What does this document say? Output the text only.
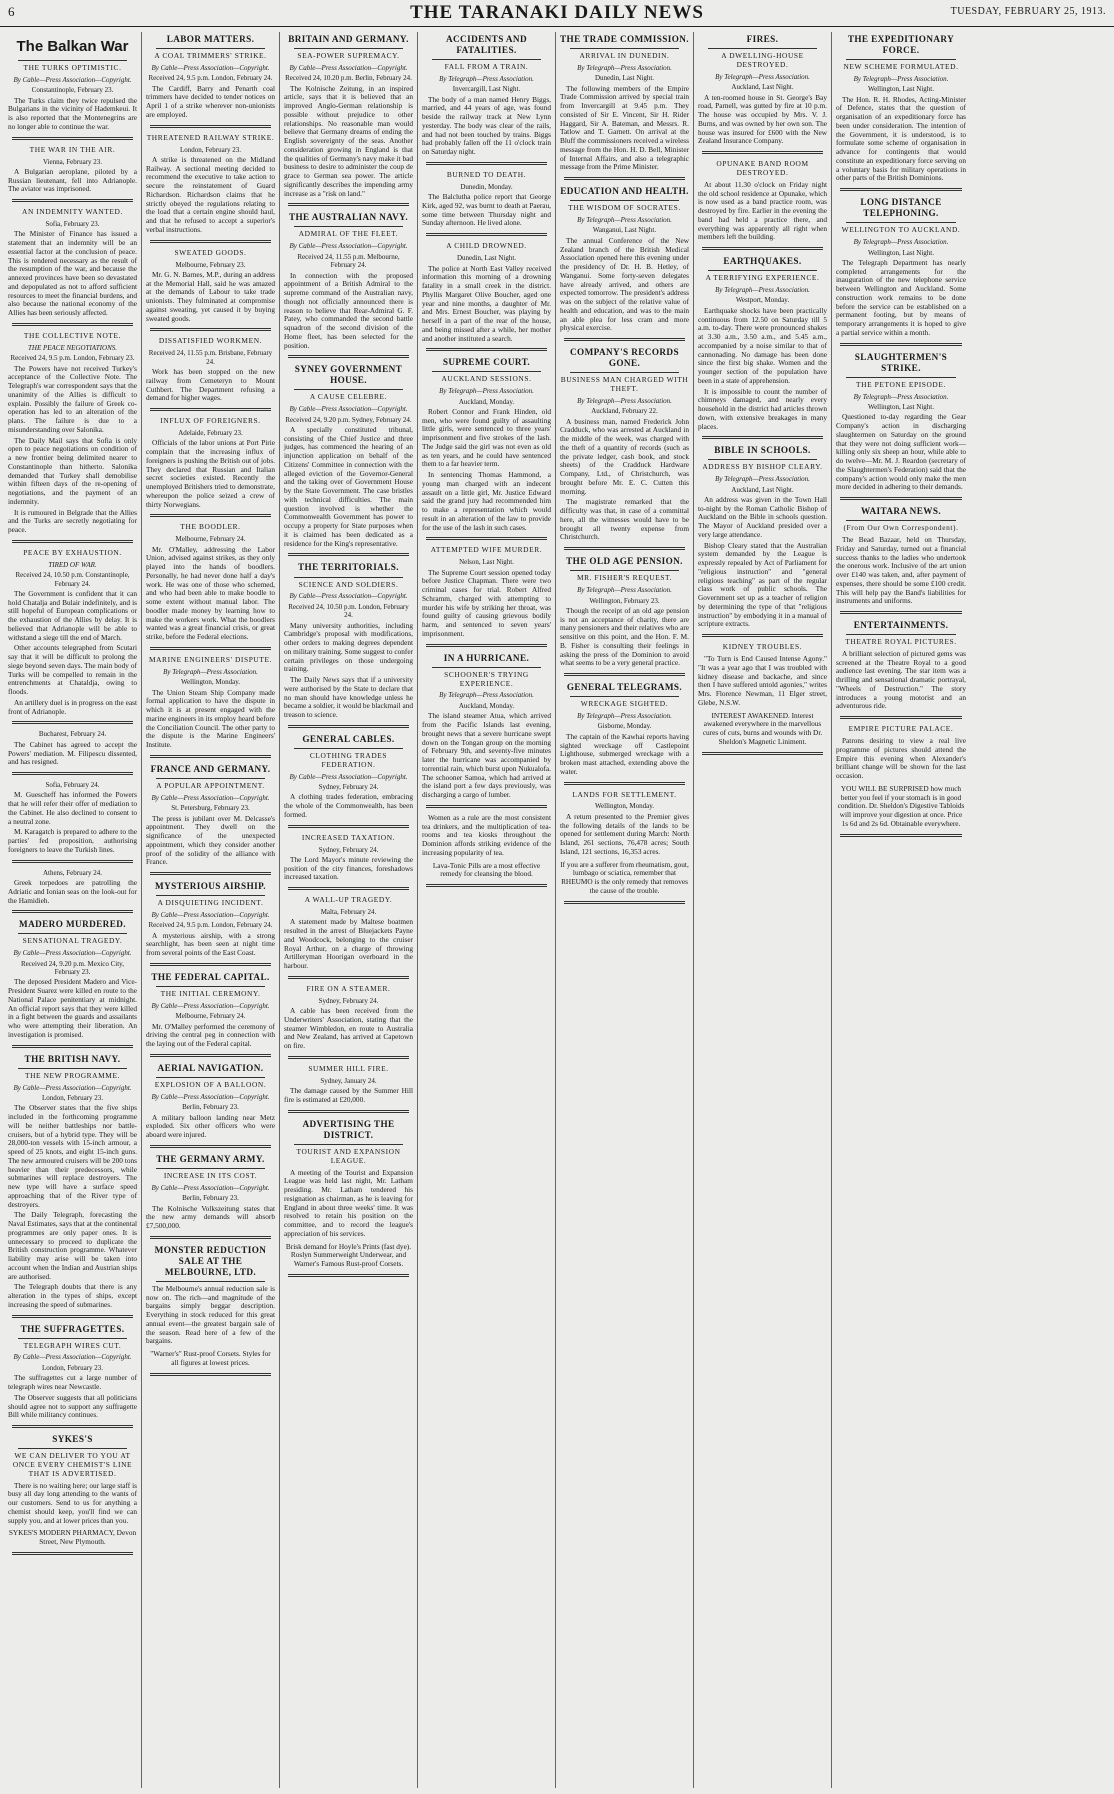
6	THE TARANAKI DAILY NEWS	TUESDAY, FEBRUARY 25, 1913.
The Balkan War
THE TURKS OPTIMISTIC.
By Cable—Press Association—Copyright.
Constantinople, February 23.

The Turks claim they twice repulsed the Bulgarians in the vicinity of Hademkeui. It is also reported that the Montenegrins are no longer able to continue the war.

THE WAR IN THE AIR.
Vienna, February 23.

A Bulgarian aeroplane, piloted by a Russian lieutenant, fell into Adrianople. The aviator was imprisoned.

AN INDEMNITY WANTED.
Sofia, February 23.

The Minister of Finance has issued a statement that an indemnity will be an essential factor at the conclusion of peace. This is rendered necessary as the result of the resumption of the war, and because the annexed provinces have been so devastated and depopulated as not to afford sufficient resources to meet the financial burdens, and also because the national economy of the Allies has been seriously affected.

THE COLLECTIVE NOTE.
THE PEACE NEGOTIATIONS.
Received 24, 9.5 p.m. London, February 23.

The Powers have not received Turkey's acceptance of the Collective Note. The Telegraph's war correspondent says that the unanimity of the Allies is difficult to explain. Possibly the failure of Greek co-operation has led to an alteration of the plans. The failure is due to a misunderstanding over Salonika.

The Daily Mail says that Sofia is only open to peace negotiations on condition of a new frontier being delimited nearer to Constantinople than hitherto. Salonika demanded that Turkey shall demobilise within fifteen days of the re-opening of negotiations, and the payment of an indemnity.

It is rumoured in Belgrade that the Allies and the Turks are secretly negotiating for peace.

PEACE BY EXHAUSTION.
TIRED OF WAR.
Received 24, 10.50 p.m. Constantinople, February 24.

The Government is confident that it can hold Chatalja and Bulair indefinitely, and is still hopeful of European complications or the exhaustion of the Allies by delay. It is believed that Adrianople will be able to withstand a siege till the end of March.

Other accounts telegraphed from Scutari say that it will be difficult to prolong the siege beyond seven days. The main body of Turks will be compelled to remain in the entrenchments at Chataldja, owing to floods.

An artillery duel is in progress on the east front of Adrianople.

Bucharest, February 24.

The Cabinet has agreed to accept the Powers' mediation. M. Filipescu dissented, and has resigned.

Sofia, February 24.

M. Guescheff has informed the Powers that he will refer their offer of mediation to the Cabinet. He also declined to consent to a neutral zone.

M. Karagatch is prepared to adhere to the parties' fed proposition, authorising foreigners to leave the Turkish lines.

Athens, February 24.

Greek torpedoes are patrolling the Adriatic and Ionian seas on the look-out for the Hamidieh.

MADERO MURDERED.
SENSATIONAL TRAGEDY.
By Cable—Press Association—Copyright.
Received 24, 9.20 p.m. Mexico City, February 23.

The deposed President Madero and Vice-President Suarez were killed en route to the National Palace penitentiary at midnight. An official report says that they were killed in a fight between the guards and assailants who were attempting their liberation. An investigation is promised.

THE BRITISH NAVY.
THE NEW PROGRAMME.
By Cable—Press Association—Copyright.
London, February 23.

The Observer states that the five ships included in the forthcoming programme will be neither battleships nor battle-cruisers, but of a hybrid type. They will be 28,000-ton vessels with 15-inch armour, a speed of 25 knots, and eight 15-inch guns. The new armoured cruisers will be 200 tons heavier than their predecessors, while submarines will replace destroyers. The new type will have a surface speed approaching that of the River type of destroyers.

The Daily Telegraph, forecasting the Naval Estimates, says that at the continental programmes are only paper ones. It is unnecessary to proceed to duplicate the British construction programme. Whatever liability may arise will be taken into account when the Indian and Austrian ships are authorised.

The Telegraph doubts that there is any alteration in the types of ships, except increasing the speed of submarines.

THE SUFFRAGETTES.
TELEGRAPH WIRES CUT.
By Cable—Press Association—Copyright.
London, February 23.

The suffragettes cut a large number of telegraph wires near Newcastle.

The Observer suggests that all politicians should agree not to support any suffragette Bill while militancy continues.

SYKES'S
WE CAN DELIVER TO YOU AT ONCE EVERY CHEMIST'S LINE THAT IS ADVERTISED.

There is no waiting here; our large staff is busy all day long attending to the wants of our customers. Send to us for anything a chemist should keep, you'll find we can supply you, and at lower prices than you.

SYKES'S MODERN PHARMACY, Devon Street, New Plymouth.
LABOR MATTERS.
A COAL TRIMMERS' STRIKE.
By Cable—Press Association—Copyright.
Received 24, 9.5 p.m. London, February 24.

The Cardiff, Barry and Penarth coal trimmers have decided to tender notices on April 1 of a strike wherever non-unionists are employed.

THREATENED RAILWAY STRIKE.
London, February 23.

A strike is threatened on the Midland Railway. A sectional meeting decided to recommend the executive to take action to secure the reinstatement of Guard Richardson. Richardson claims that he strictly obeyed the regulations relating to the load that a certain engine should haul, and that he refused to accept a superior's verbal instructions.

SWEATED GOODS.
Melbourne, February 23.

Mr. G. N. Barnes, M.P., during an address at the Memorial Hall, said he was amazed at the demands of Labour to take trade unionists. They fulminated at compromise against sweating, yet caused it by buying sweated goods.

DISSATISFIED WORKMEN.
Received 24, 11.55 p.m. Brisbane, February 24.

Work has been stopped on the new railway from Cemeteryn to Mount Cuthbert. The Department refusing a demand for higher wages.

INFLUX OF FOREIGNERS.
Adelaide, February 23.

Officials of the labor unions at Port Pirie complain that the increasing influx of foreigners is pushing the British out of jobs. They declared that Russian and Italian secret societies existed. Recently the unemployed Britishers tried to demonstrate, whereupon the police seized a crew of thirty Norwegians.

THE BOODLER.
Melbourne, February 24.

Mr. O'Malley, addressing the Labor Union, advised against strikes, as they only played into the hands of boodlers. Personally, he had never done half a day's work. He was one of those who schemed, and who had been able to make boodle to some extent without manual labor. The boodler made money by learning how to make the workers work. What the boodlers wanted was a great financial crisis, or great strike, before the Federal elections.

MARINE ENGINEERS' DISPUTE.
By Telegraph—Press Association.
Wellington, Monday.

The Union Steam Ship Company made formal application to have the dispute in which it is at present engaged with the marine engineers in its employ heard before the Conciliation Council. The other party to the dispute is the Marine Engineers' Institute.

FRANCE AND GERMANY.
A POPULAR APPOINTMENT.
By Cable—Press Association—Copyright.
St. Petersburg, February 23.

The press is jubilant over M. Delcasse's appointment. They dwell on the significance of the unexpected appointment, which they consider another proof of the solidity of the alliance with France.

MYSTERIOUS AIRSHIP.
A DISQUIETING INCIDENT.
By Cable—Press Association—Copyright.
Received 24, 9.5 p.m. London, February 24.

A mysterious airship, with a strong searchlight, has been seen at night time from several points of the East Coast.

THE FEDERAL CAPITAL.
THE INITIAL CEREMONY.
By Cable—Press Association—Copyright.
Melbourne, February 24.

Mr. O'Malley performed the ceremony of driving the central peg in connection with the laying out of the Federal capital.

AERIAL NAVIGATION.
EXPLOSION OF A BALLOON.
By Cable—Press Association—Copyright.
Berlin, February 23.

A military balloon landing near Metz exploded. Six other officers who were aboard were injured.

THE GERMANY ARMY.
INCREASE IN ITS COST.
By Cable—Press Association—Copyright.
Berlin, February 23.

The Kolnische Volkszeitung states that the new army demands will absorb £7,500,000.

MONSTER REDUCTION SALE AT THE MELBOURNE, LTD.

The Melbourne's annual reduction sale is now on. The rich—and magnitude of the bargains simply beggar description. Everything in stock reduced for this great annual event—the greatest bargain sale of the season. Read here of a few of the bargains.

"Warner's" Rust-proof Corsets. Styles for all figures at lowest prices.
BRITAIN AND GERMANY.
SEA-POWER SUPREMACY.
By Cable—Press Association—Copyright.
Received 24, 10.20 p.m. Berlin, February 24.

The Kolnische Zeitung, in an inspired article, says that it is believed that an improved Anglo-German relationship is possible without prejudice to other relationships. No reasonable man would believe that Germany dreams of ending the English sovereignty of the seas. Another consideration growing in England is that the qualities of Germany's navy make it bad business to desire to administer the coup de grace to German sea power. The article significantly describes the impending army increase as a "risk on land."

THE AUSTRALIAN NAVY.
ADMIRAL OF THE FLEET.
By Cable—Press Association—Copyright.
Received 24, 11.55 p.m. Melbourne, February 24.

In connection with the proposed appointment of a British Admiral to the supreme command of the Australian navy, though not officially announced there is reason to believe that Rear-Admiral G. F. Patey, who commanded the second battle squadron of the second division of the Home fleet, has been selected for the position.

SYNEY GOVERNMENT HOUSE.
A CAUSE CELEBRE.
By Cable—Press Association—Copyright.
Received 24, 9.20 p.m. Sydney, February 24.

A specially constituted tribunal, consisting of the Chief Justice and three judges, has commenced the hearing of an injunction application on behalf of the Citizens' Committee in connection with the alleged eviction of the Governor-General and the taking over of Government House by the State Government. The case bristles with technical difficulties. The main question involved is whether the Commonwealth Government has power to occupy a property for State purposes when it is claimed has been dedicated as a residence for the King's representative.

THE TERRITORIALS.
SCIENCE AND SOLDIERS.
By Cable—Press Association—Copyright.
Received 24, 10.50 p.m. London, February 24.

Many university authorities, including Cambridge's proposal with modifications, other orders to making degrees dependent on military training. Some suggest to confer certain privileges on those undergoing training.

The Daily News says that if a university were authorised by the State to declare that no man should have knowledge unless he became a soldier, it would be blackmail and treason to science.

GENERAL CABLES.
CLOTHING TRADES FEDERATION.
By Cable—Press Association—Copyright.
Sydney, February 24.

A clothing trades federation, embracing the whole of the Commonwealth, has been formed.

INCREASED TAXATION.
Sydney, February 24.

The Lord Mayor's minute reviewing the position of the city finances, foreshadows increased taxation.

A WALL-UP TRAGEDY.
Malta, February 24.

A statement made by Maltese boatmen resulted in the arrest of Bluejackets Payne and Woodcock, belonging to the cruiser Royal Arthur, on a charge of throwing Artilleryman Hoorigan overboard in the harbour.

FIRE ON A STEAMER.
Sydney, February 24.

A cable has been received from the Underwriters' Association, stating that the steamer Wimbledon, en route to Australia and New Zealand, has arrived at Capetown on fire.

SUMMER HILL FIRE.
Sydney, January 24.

The damage caused by the Summer Hill fire is estimated at £20,000.

ADVERTISING THE DISTRICT.
TOURIST AND EXPANSION LEAGUE.

A meeting of the Tourist and Expansion League was held last night, Mr. Latham presiding. Mr. Latham tendered his resignation as chairman, as he is leaving for England in about three weeks' time. It was resolved to retain his position on the committee, and to record the league's appreciation of his services.

Brisk demand for Hoyle's Prints (fast dye). Roslyn Summerweight Underwear, and Warner's Famous Rust-proof Corsets.
ACCIDENTS AND FATALITIES.
FALL FROM A TRAIN.
By Telegraph—Press Association.
Invercargill, Last Night.

The body of a man named Henry Biggs, married, and 44 years of age, was found beside the railway track at New Lynn yesterday. The body was clear of the rails, and had not been touched by trains. Biggs had probably fallen off the 11 o'clock train on Saturday night.

BURNED TO DEATH.
Dunedin, Monday.

The Balclutha police report that George Kirk, aged 92, was burnt to death at Paerau, some time between Thursday night and Sunday afternoon. He lived alone.

A CHILD DROWNED.
Dunedin, Last Night.

The police at North East Valley received information this morning of a drowning fatality in a small creek in the district. Phyllis Margaret Olive Boucher, aged one year and nine months, a daughter of Mr. and Mrs. Ernest Boucher, was playing by herself in a part of the rear of the house, and being missed after a while, her mother and another instituted a search.

SUPREME COURT.
AUCKLAND SESSIONS.
By Telegraph—Press Association.
Auckland, Monday.

Robert Connor and Frank Hinden, old men, who were found guilty of assaulting little girls, were sentenced to three years' imprisonment and five strokes of the lash. The Judge said the girl was not even as old as ten years, and he could have sentenced them to a far heavier term.

In sentencing Thomas Hammond, a young man charged with an indecent assault on a little girl, Mr. Justice Edward said the grand jury had recommended him to make a representation which would result in an alteration of the law to provide for the use of the lash in such cases.

ATTEMPTED WIFE MURDER.
Nelson, Last Night.

The Supreme Court session opened today before Justice Chapman. There were two criminal cases for trial. Robert Alfred Schramm, charged with attempting to murder his wife by striking her throat, was found guilty of causing grievous bodily harm, and sentenced to seven years' imprisonment.

IN A HURRICANE.
SCHOONER'S TRYING EXPERIENCE.
By Telegraph—Press Association.
Auckland, Monday.

The island steamer Atua, which arrived from the Pacific Islands last evening, brought news that a severe hurricane swept down on the Tongan group on the morning of February 9th, and seventy-five minutes later the hurricane was accompanied by torrential rain, which burst upon Nukualofa. The schooner Samoa, which had arrived at the island port a few days previously, was discharging a cargo of lumber.

Women as a rule are the most consistent tea drinkers, and the multiplication of tea-rooms and tea kiosks throughout the Dominion affords striking evidence of the increasing popularity of tea.

Lava-Tonic Pills are a most effective remedy for cleansing the blood.
THE TRADE COMMISSION.
ARRIVAL IN DUNEDIN.
By Telegraph—Press Association.
Dunedin, Last Night.

The following members of the Empire Trade Commission arrived by special train from Invercargill at 9.45 p.m. They consisted of Sir E. Vincent, Sir H. Rider Haggard, Sir A. Bateman, and Messrs. R. Tatlow and T. Garnett. On arrival at the Bluff the commissioners received a wireless message from the Hon. H. D. Bell, Minister of Internal Affairs, and also a telegraphic message from the Prime Minister.

EDUCATION AND HEALTH.
THE WISDOM OF SOCRATES.
By Telegraph—Press Association.
Wanganui, Last Night.

The annual Conference of the New Zealand branch of the British Medical Association opened here this evening under the presidency of Dr. H. B. Hetley, of Wanganui. Some forty-seven delegates have already arrived, and others are expected tomorrow. The president's address was on the subject of the relative value of health and education, and was to the main an able plea for less cram and more physical exercise.

COMPANY'S RECORDS GONE.
BUSINESS MAN CHARGED WITH THEFT.
By Telegraph—Press Association.
Auckland, February 22.

A business man, named Frederick John Cradduck, who was arrested at Auckland in the middle of the week, was charged with the theft of a quantity of records (such as the private ledger, cash book, and stock sheets) of the Cradduck Hardware Company, Ltd., of Christchurch, was brought before Mr. E. C. Cutten this morning.

The magistrate remarked that the difficulty was that, in case of a committal here, all the witnesses would have to be brought all twenty expense from Christchurch.

THE OLD AGE PENSION.
MR. FISHER'S REQUEST.
By Telegraph—Press Association.
Wellington, February 23.

Though the receipt of an old age pension is not an acceptance of charity, there are many pensioners and their relatives who are sensitive on this point, and the Hon. F. M. B. Fisher is consulting their feelings in asking the press of the Dominion to avoid what seems to be a very general practice.

GENERAL TELEGRAMS.
WRECKAGE SIGHTED.
By Telegraph—Press Association.
Gisborne, Monday.

The captain of the Kawhai reports having sighted wreckage off Castlepoint Lighthouse, submerged wreckage with a broken mast attached, extending above the water.

LANDS FOR SETTLEMENT.
Wellington, Monday.

A return presented to the Premier gives the following details of the lands to be opened for settlement during March: North Island, 261 sections, 76,478 acres; South Island, 121 sections, 16,353 acres.

If you are a sufferer from rheumatism, gout, lumbago or sciatica, remember that RHEUMO is the only remedy that removes the cause of the trouble.
FIRES.
A DWELLING-HOUSE DESTROYED.
By Telegraph—Press Association.
Auckland, Last Night.

A ten-roomed house in St. George's Bay road, Parnell, was gutted by fire at 10 p.m. The house was occupied by Mrs. V. J. Burns, and was owned by her own son. The house was insured for £600 with the New Zealand Insurance Company.

OPUNAKE BAND ROOM DESTROYED.

At about 11.30 o'clock on Friday night the old school residence at Opunake, which is now used as a band practice room, was destroyed by fire. Earlier in the evening the band had held a practice there, and everything was apparently all right when members left the building.

EARTHQUAKES.
A TERRIFYING EXPERIENCE.
By Telegraph—Press Association.
Westport, Monday.

Earthquake shocks have been practically continuous from 12.50 on Saturday till 5 a.m. to-day. There were pronounced shakes at 3.30 a.m., 3.50 a.m., and 5.45 a.m., accompanied by a noise similar to that of cannonading. No damage has been done since the first big shake. Women and the younger section of the population have been in a state of apprehension.

It is impossible to count the number of chimneys damaged, and nearly every household in the district had articles thrown down, with extensive breakages in many places.

BIBLE IN SCHOOLS.
ADDRESS BY BISHOP CLEARY.
By Telegraph—Press Association.
Auckland, Last Night.

An address was given in the Town Hall to-night by the Roman Catholic Bishop of Auckland on the Bible in schools question. The Mayor of Auckland presided over a very large attendance.

Bishop Cleary stated that the Australian system demanded by the League is expressly repealed by Act of Parliament for "religious instruction" and "general religious teaching" as part of the regular class work of public schools. The Government set up as a teacher of religion by determining the type of that "religious instruction" by embodying it in a manual of scripture extracts.

KIDNEY TROUBLES.

"To Turn is End Caused Intense Agony." "It was a year ago that I was troubled with kidney disease and backache, and since then I have suffered untold agonies," writes Mrs. Florence Newman, 11 Elger street, Glebe, N.S.W.

INTEREST AWAKENED. Interest awakened everywhere in the marvellous cures of cuts, burns and wounds with Dr. Sheldon's Magnetic Liniment.
THE EXPEDITIONARY FORCE.
NEW SCHEME FORMULATED.
By Telegraph—Press Association.
Wellington, Last Night.

The Hon. R. H. Rhodes, Acting-Minister of Defence, states that the question of organisation of an expeditionary force has been under consideration. The intention of the Government, it is understood, is to formulate some scheme of organisation in advance for contingents that would constitute an expeditionary force serving on a voluntary basis for military operations in other parts of the British Dominions.

LONG DISTANCE TELEPHONING.
WELLINGTON TO AUCKLAND.
By Telegraph—Press Association.
Wellington, Last Night.

The Telegraph Department has nearly completed arrangements for the inauguration of the new telephone service between Wellington and Auckland. Some construction work remains to be done before the service can be established on a permanent footing, but by means of temporary arrangements it is hoped to give a partial service within a month.

SLAUGHTERMEN'S STRIKE.
THE PETONE EPISODE.
By Telegraph—Press Association.
Wellington, Last Night.

Questioned to-day regarding the Gear Company's action in discharging slaughtermen on Saturday on the ground that they were not doing sufficient work—killing only six sheep an hour, while able to do twelve—Mr. M. J. Reardon (secretary of the Slaughtermen's Federation) said that the company's action would only make the men more decided in adhering to their demands.

WAITARA NEWS.
(From Our Own Correspondent).

The Bead Bazaar, held on Thursday, Friday and Saturday, turned out a financial success thanks to the ladies who undertook the onerous work. Inclusive of the art union over £140 was taken, and, after payment of expenses, there should be some £100 credit. This will help pay the Band's liabilities for instruments and uniforms.

ENTERTAINMENTS.
THEATRE ROYAL PICTURES.

A brilliant selection of pictured gems was screened at the Theatre Royal to a good audience last evening. The star item was a thrilling and sensational dramatic portrayal, "Wheels of Destruction." The story introduces a young motorist and an adventurous ride.

EMPIRE PICTURE PALACE.

Patrons desiring to view a real live programme of pictures should attend the Empire this evening when Alexander's brilliant change will be shown for the last occasion.

YOU WILL BE SURPRISED how much better you feel if your stomach is in good condition. Dr. Sheldon's Digestive Tabloids will improve your digestion at once. Price 1s 6d and 2s 6d. Obtainable everywhere.
